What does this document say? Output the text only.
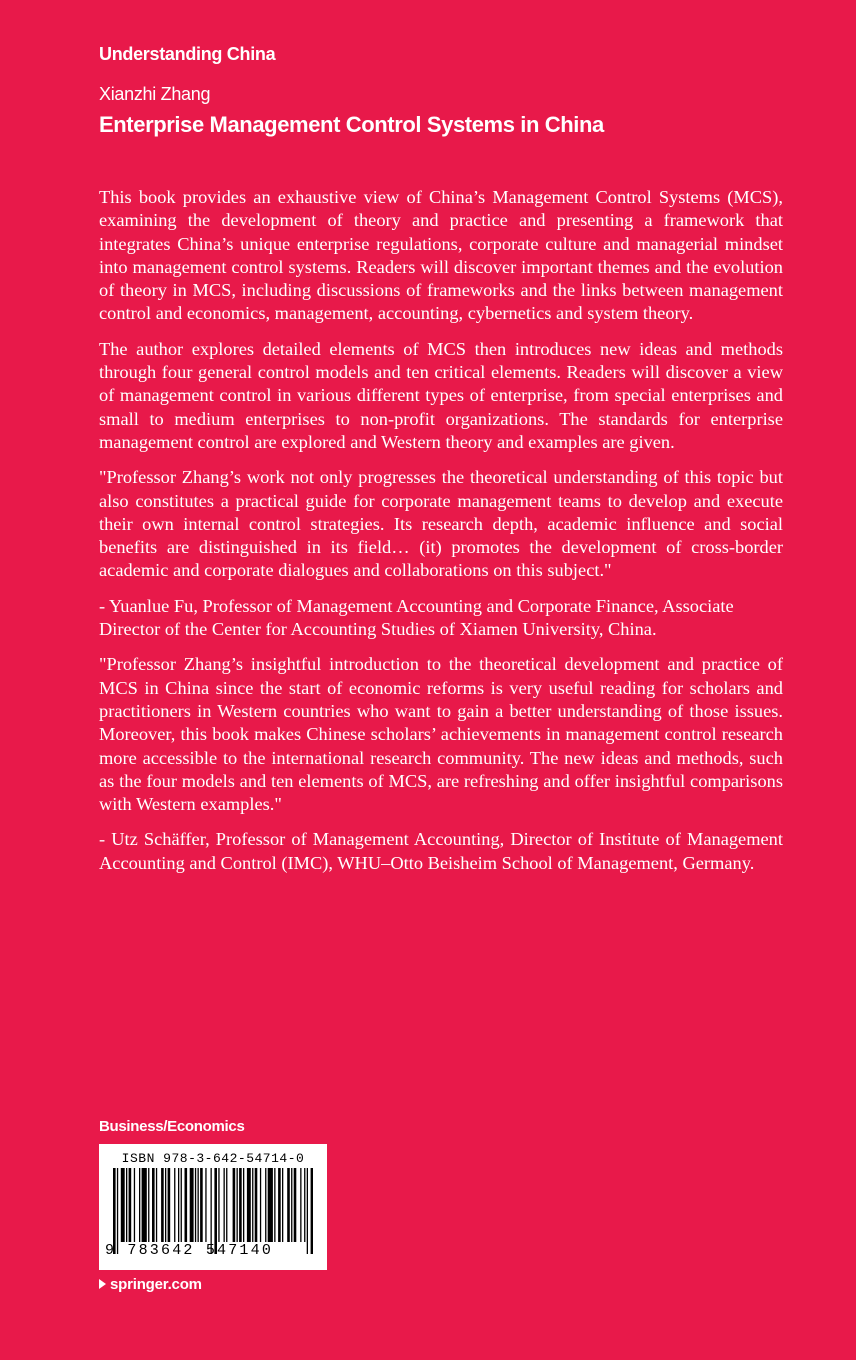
Understanding China
Xianzhi Zhang
Enterprise Management Control Systems in China

This book provides an exhaustive view of China’s Management Control Systems (MCS), examining the development of theory and practice and presenting a framework that integrates China’s unique enterprise regulations, corporate culture and managerial mindset into management control systems. Readers will discover important themes and the evolution of theory in MCS, including discussions of frameworks and the links between management control and economics, management, accounting, cybernetics and system theory.

The author explores detailed elements of MCS then introduces new ideas and methods through four general control models and ten critical elements. Readers will discover a view of management control in various different types of enterprise, from special enterprises and small to medium enterprises to non-profit organizations. The standards for enterprise management control are explored and Western theory and examples are given.

"Professor Zhang’s work not only progresses the theoretical understanding of this topic but also constitutes a practical guide for corporate management teams to develop and execute their own internal control strategies. Its research depth, academic influence and social benefits are distinguished in its field… (it) promotes the development of cross-border academic and corporate dialogues and collaborations on this subject."

- Yuanlue Fu, Professor of Management Accounting and Corporate Finance, Associate Director of the Center for Accounting Studies of Xiamen University, China.

"Professor Zhang’s insightful introduction to the theoretical development and practice of MCS in China since the start of economic reforms is very useful reading for scholars and practitioners in Western countries who want to gain a better understanding of those issues. Moreover, this book makes Chinese scholars’ achievements in management control research more accessible to the international research community. The new ideas and methods, such as the four models and ten elements of MCS, are refreshing and offer insightful comparisons with Western examples."

- Utz Schäffer, Professor of Management Accounting, Director of Institute of Management Accounting and Control (IMC), WHU–Otto Beisheim School of Management, Germany.

Business/Economics
ISBN 978-3-642-54714-0
9 783642 547140
springer.com
